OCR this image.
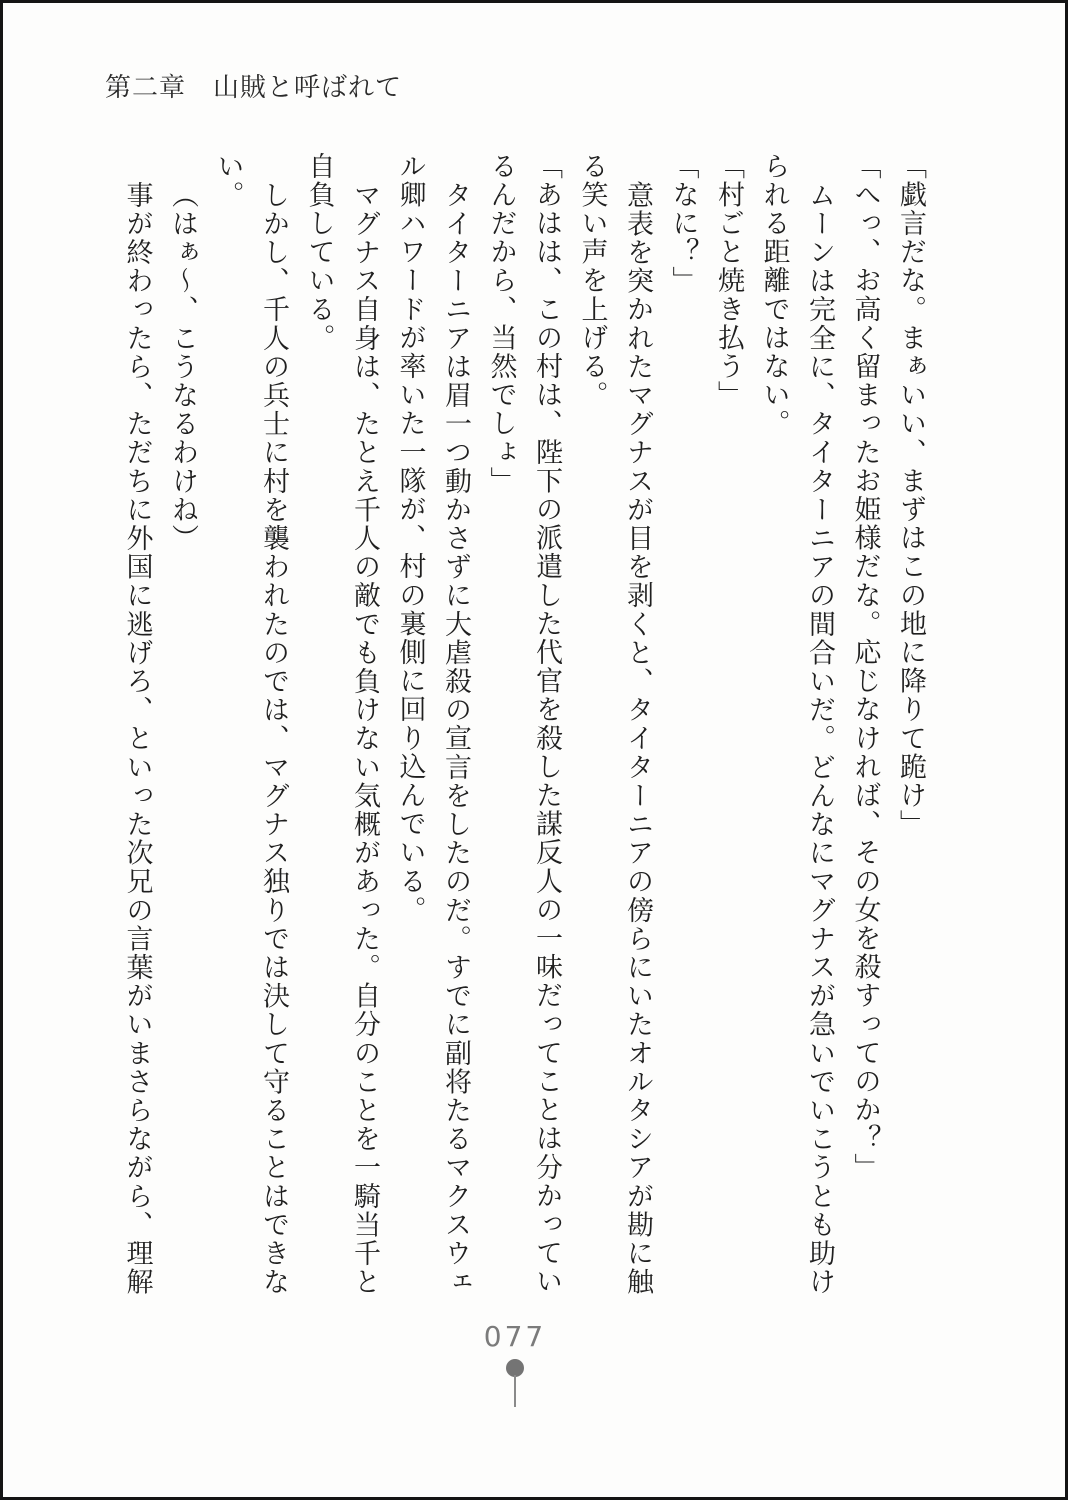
第二章　山賊と呼ばれて

「戯言だな。まぁいい、まずはこの地に降りて跪け」

「へっ、お高く留まったお姫様だな。応じなければ、その女を殺すってのか？」

ムーンは完全に、タイターニアの間合いだ。どんなにマグナスが急いでいこうとも助け

られる距離ではない。

「村ごと焼き払う」

「なに？」

意表を突かれたマグナスが目を剥くと、タイターニアの傍らにいたオルタシアが勘に触

る笑い声を上げる。

「あはは、この村は、陛下の派遣した代官を殺した謀反人の一味だってことは分かってい

るんだから、当然でしょ」

タイターニアは眉一つ動かさずに大虐殺の宣言をしたのだ。すでに副将たるマクスウェ

ル卿ハワードが率いた一隊が、村の裏側に回り込んでいる。

マグナス自身は、たとえ千人の敵でも負けない気概があった。自分のことを一騎当千と

自負している。

しかし、千人の兵士に村を襲われたのでは、マグナス独りでは決して守ることはできな

い。

（はぁ〜、こうなるわけね）

事が終わったら、ただちに外国に逃げろ、といった次兄の言葉がいまさらながら、理解

077
